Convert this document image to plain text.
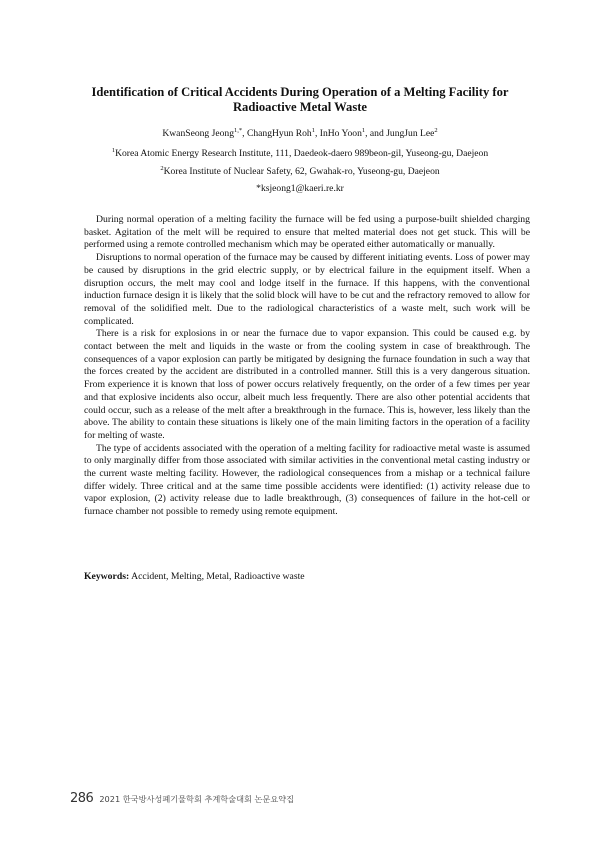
Identification of Critical Accidents During Operation of a Melting Facility for Radioactive Metal Waste
KwanSeong Jeong$^{1,*}$, ChangHyun Roh$^1$, InHo Yoon$^1$, and JungJun Lee$^2$
$^1$Korea Atomic Energy Research Institute, 111, Daedeok-daero 989beon-gil, Yuseong-gu, Daejeon
$^2$Korea Institute of Nuclear Safety, 62, Gwahak-ro, Yuseong-gu, Daejeon
*ksjeong1@kaeri.re.kr

During normal operation of a melting facility the furnace will be fed using a purpose-built shielded charging basket. Agitation of the melt will be required to ensure that melted material does not get stuck. This will be performed using a remote controlled mechanism which may be operated either automatically or manually.

Disruptions to normal operation of the furnace may be caused by different initiating events. Loss of power may be caused by disruptions in the grid electric supply, or by electrical failure in the equipment itself. When a disruption occurs, the melt may cool and lodge itself in the furnace. If this happens, with the conventional induction furnace design it is likely that the solid block will have to be cut and the refractory removed to allow for removal of the solidified melt. Due to the radiological characteristics of a waste melt, such work will be complicated.

There is a risk for explosions in or near the furnace due to vapor expansion. This could be caused e.g. by contact between the melt and liquids in the waste or from the cooling system in case of breakthrough. The consequences of a vapor explosion can partly be mitigated by designing the furnace foundation in such a way that the forces created by the accident are distributed in a controlled manner. Still this is a very dangerous situation. From experience it is known that loss of power occurs relatively frequently, on the order of a few times per year and that explosive incidents also occur, albeit much less frequently. There are also other potential accidents that could occur, such as a release of the melt after a breakthrough in the furnace. This is, however, less likely than the above. The ability to contain these situations is likely one of the main limiting factors in the operation of a facility for melting of waste.

The type of accidents associated with the operation of a melting facility for radioactive metal waste is assumed to only marginally differ from those associated with similar activities in the conventional metal casting industry or the current waste melting facility. However, the radiological consequences from a mishap or a technical failure differ widely. Three critical and at the same time possible accidents were identified: (1) activity release due to vapor explosion, (2) activity release due to ladle breakthrough, (3) consequences of failure in the hot-cell or furnace chamber not possible to remedy using remote equipment.

Keywords: Accident, Melting, Metal, Radioactive waste
286 2021 한국방사성폐기물학회 추계학술대회 논문요약집
